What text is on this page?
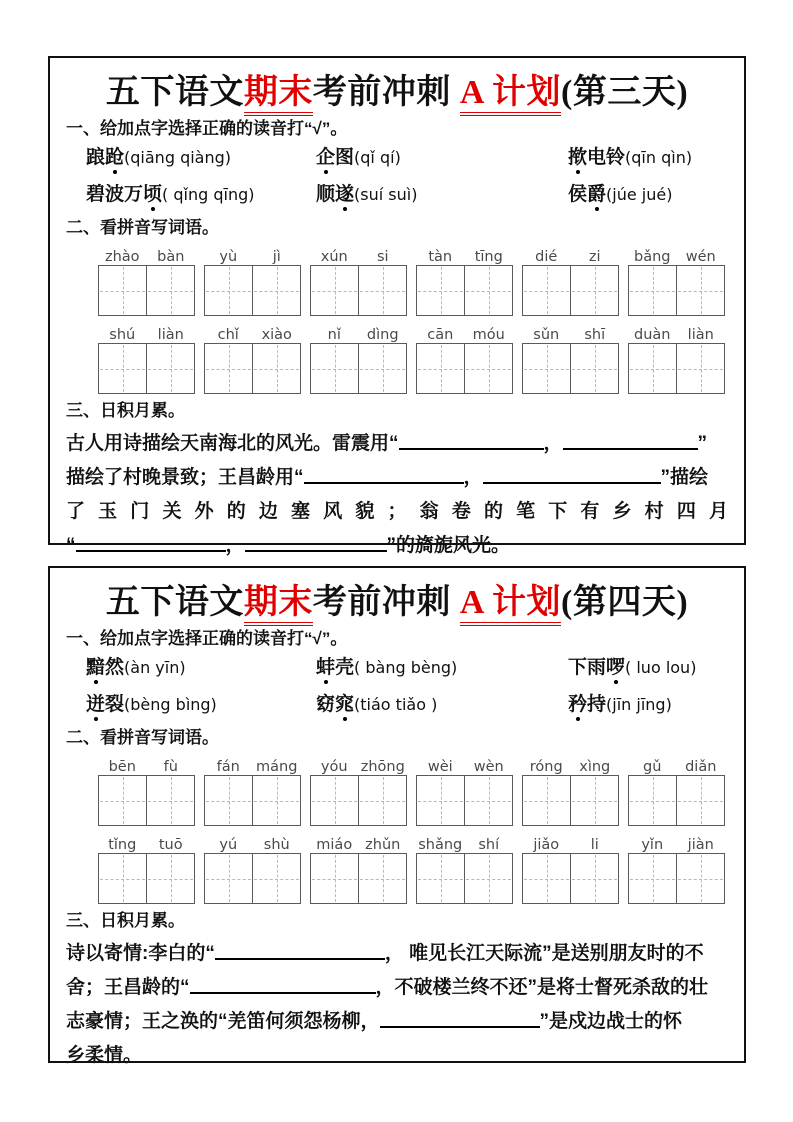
五下语文期末考前冲刺 A 计划(第三天)
一、给加点字选择正确的读音打“√”。
踉跄(qiāng qiàng)	企图(qǐ qí)	揿电铃(qīn qìn)
碧波万顷( qǐng qīng)	顺遂(suí suì)	侯爵(júe jué)
二、看拼音写词语。
zhào	bàn	yù	jì	xún	si	tàn	tīng	dié	zi	bǎng	wén
shú	liàn	chǐ	xiào	nǐ	dìng	cān	móu	sǔn	shī	duàn	liàn
三、日积月累。

古人用诗描绘天南海北的风光。雷震用“	，	”

描绘了村晚景致；王昌龄用“	，	”描绘

了玉门关外的边塞风貌；翁卷的笔下有乡村四月

“	，	”的旖旎风光。

五下语文期末考前冲刺 A 计划(第四天)
一、给加点字选择正确的读音打“√”。
黯然(àn yīn)	蚌壳( bàng bèng)	下雨啰( luo lou)
迸裂(bèng bìng)	窈窕(tiáo tiǎo )	矜持(jīn jīng)
二、看拼音写词语。
bēn	fù	fán	máng	yóu zhōng	wèi	wèn	róng	xìng	gǔ	diǎn
tǐng	tuō	yú	shù	miáo zhǔn	shǎng	shí	jiǎo	li	yǐn	jiàn
三、日积月累。

诗以寄情:李白的“	， 唯见长江天际流”是送别朋友时的不

舍；王昌龄的“	，不破楼兰终不还”是将士督死杀敌的壮

志豪情；王之涣的“羌笛何须怨杨柳，	”是戍边战士的怀

乡柔情。
